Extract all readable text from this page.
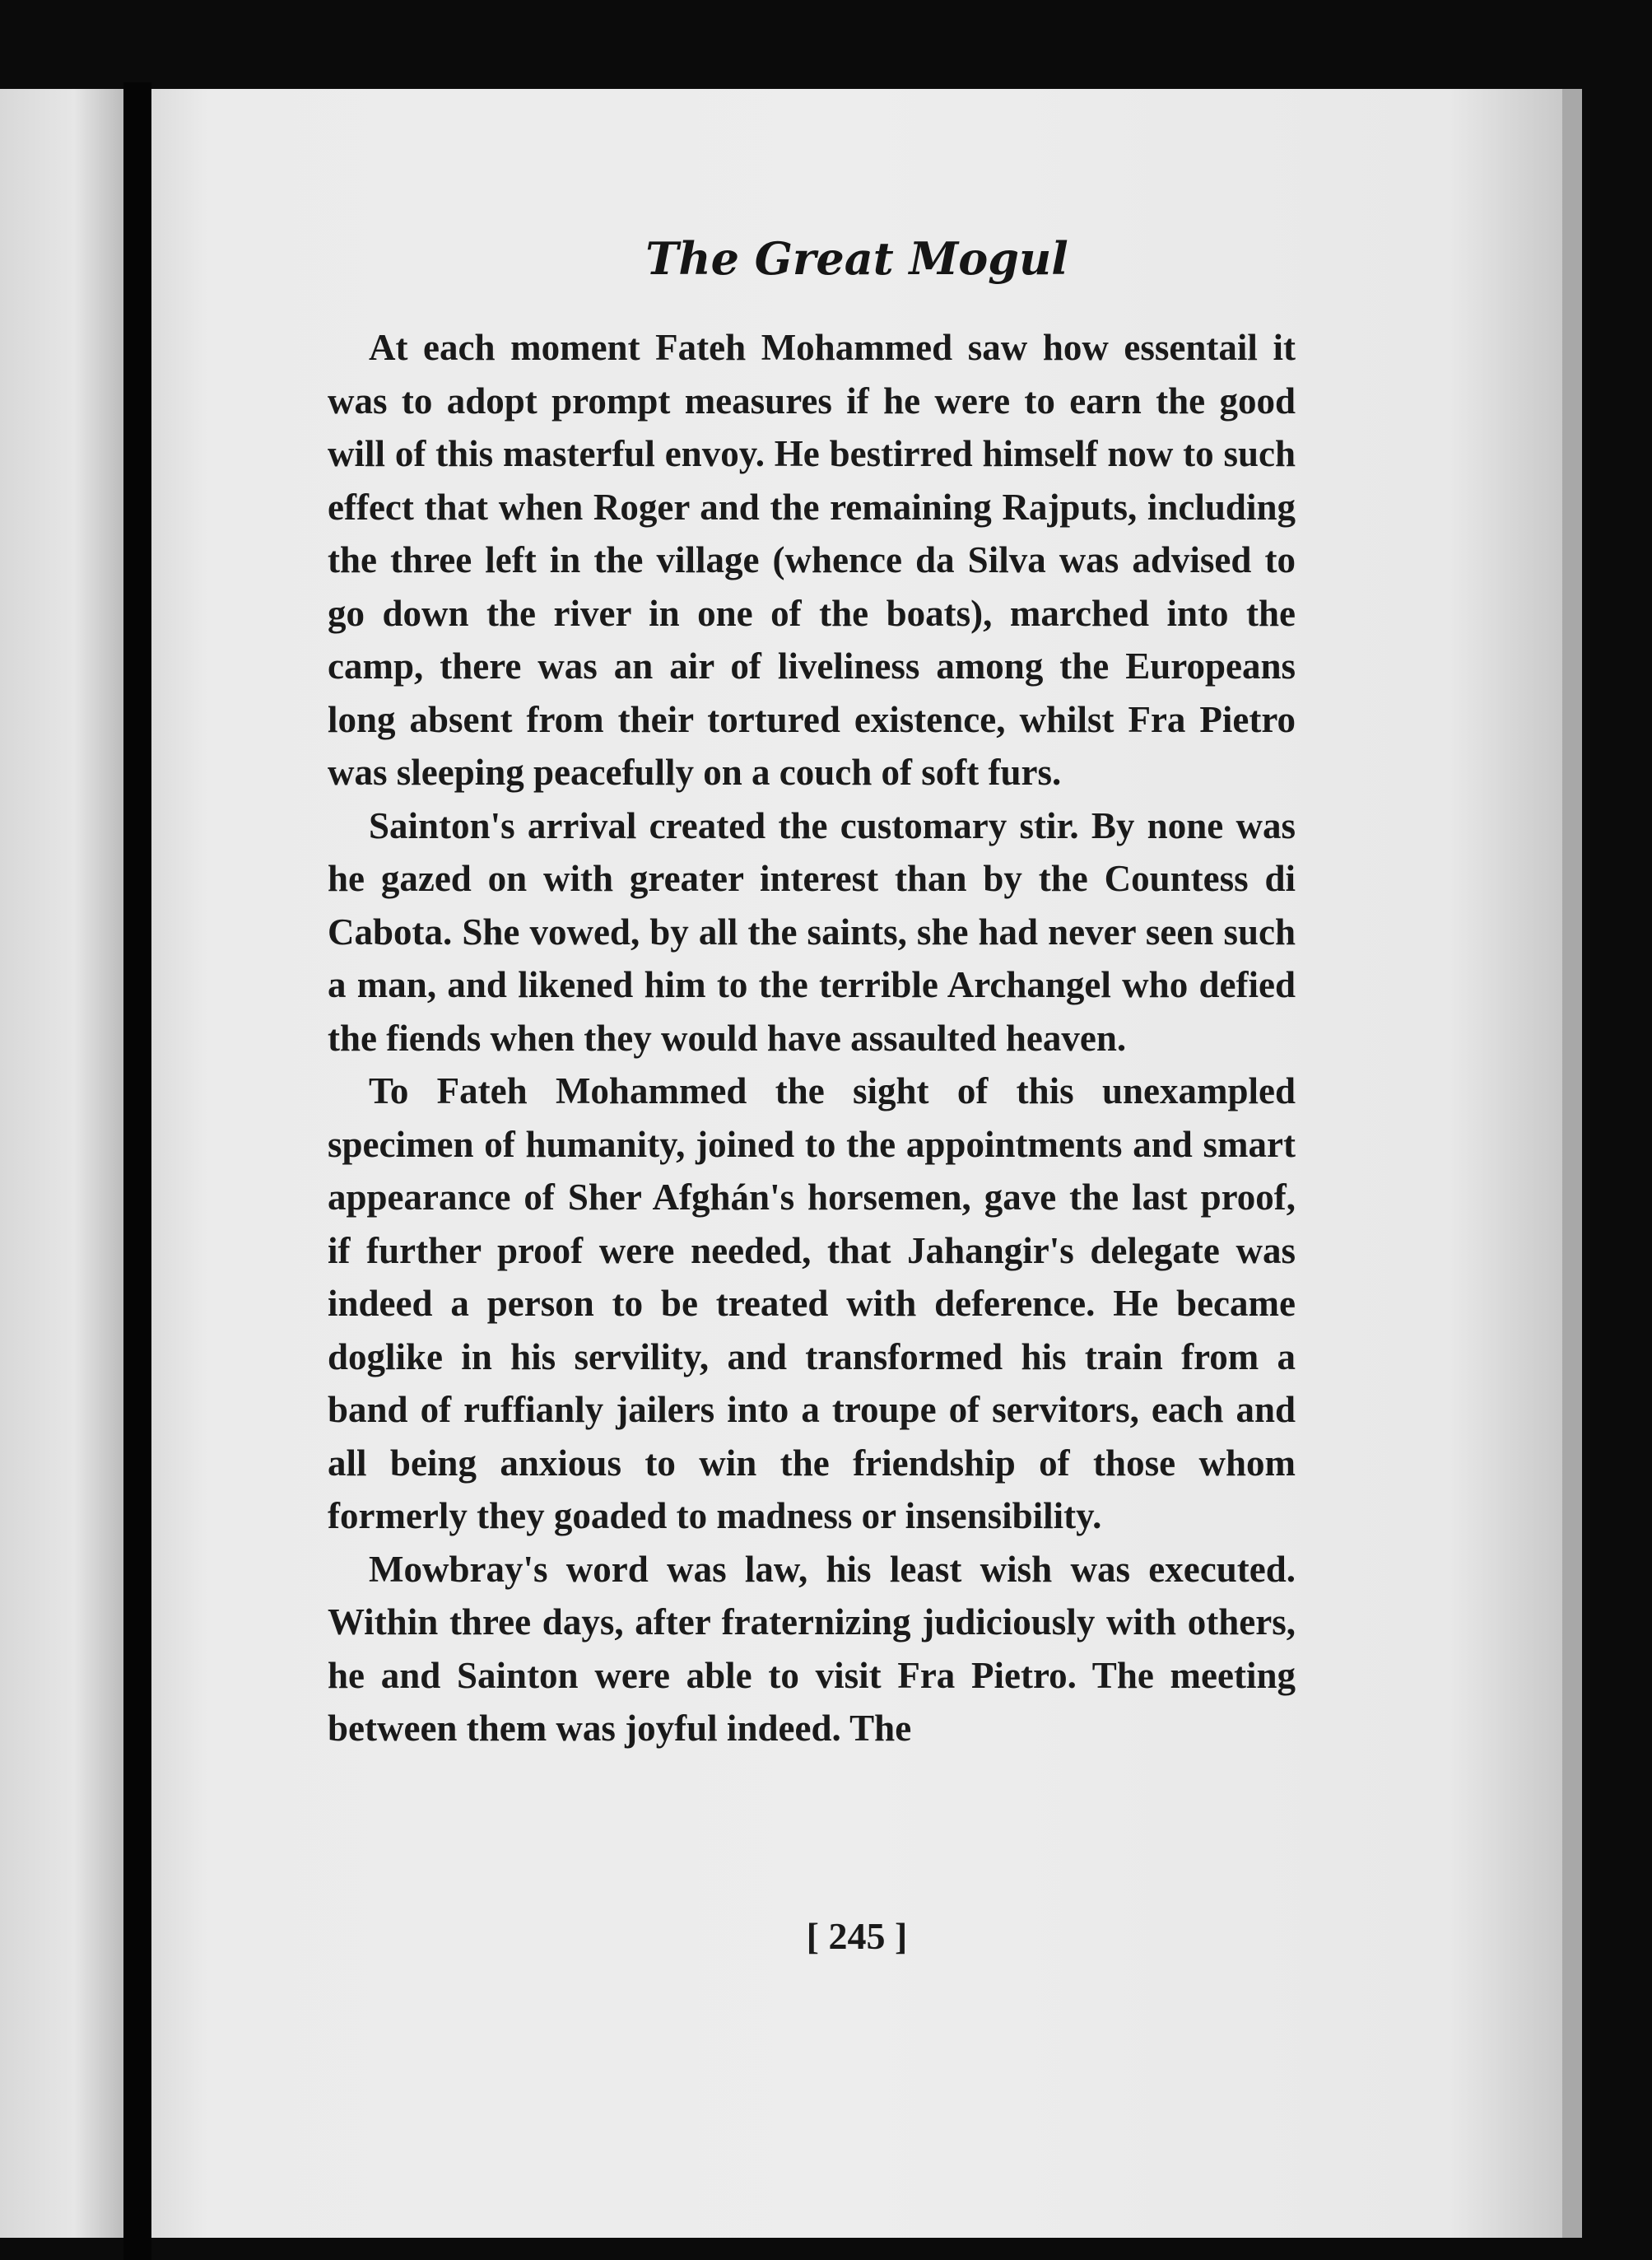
The Great Mogul

At each moment Fateh Mohammed saw how essentail it was to adopt prompt measures if he were to earn the good will of this masterful envoy. He bestirred himself now to such effect that when Roger and the remaining Rajputs, including the three left in the village (whence da Silva was advised to go down the river in one of the boats), marched into the camp, there was an air of liveliness among the Europeans long absent from their tortured existence, whilst Fra Pietro was sleeping peacefully on a couch of soft furs.

Sainton's arrival created the customary stir. By none was he gazed on with greater interest than by the Countess di Cabota. She vowed, by all the saints, she had never seen such a man, and likened him to the terrible Archangel who defied the fiends when they would have assaulted heaven.

To Fateh Mohammed the sight of this unexampled specimen of humanity, joined to the appointments and smart appearance of Sher Afghán's horsemen, gave the last proof, if further proof were needed, that Jahangir's delegate was indeed a person to be treated with deference. He became doglike in his servility, and transformed his train from a band of ruffianly jailers into a troupe of servitors, each and all being anxious to win the friendship of those whom formerly they goaded to madness or insensibility.

Mowbray's word was law, his least wish was executed. Within three days, after fraternizing judiciously with others, he and Sainton were able to visit Fra Pietro. The meeting between them was joyful indeed. The

[ 245 ]
